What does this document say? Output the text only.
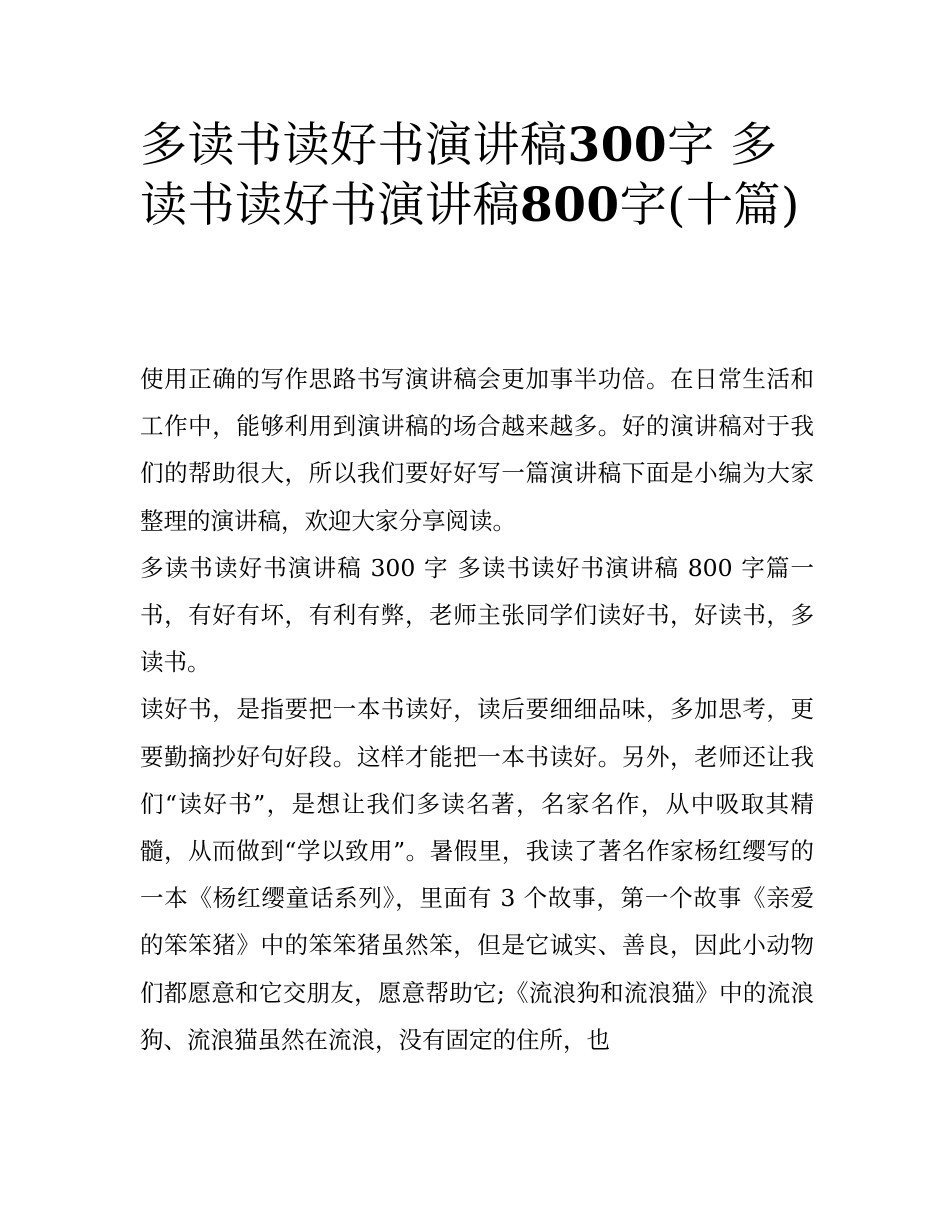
多读书读好书演讲稿300字 多读书读好书演讲稿800字(十篇)

使用正确的写作思路书写演讲稿会更加事半功倍。在日常生活和工作中，能够利用到演讲稿的场合越来越多。好的演讲稿对于我们的帮助很大，所以我们要好好写一篇演讲稿下面是小编为大家整理的演讲稿，欢迎大家分享阅读。

多读书读好书演讲稿 300 字 多读书读好书演讲稿 800 字篇一书，有好有坏，有利有弊，老师主张同学们读好书，好读书，多读书。

读好书，是指要把一本书读好，读后要细细品味，多加思考，更要勤摘抄好句好段。这样才能把一本书读好。另外，老师还让我们“读好书”，是想让我们多读名著，名家名作，从中吸取其精髓，从而做到“学以致用”。暑假里，我读了著名作家杨红缨写的一本《杨红缨童话系列》，里面有 3 个故事，第一个故事《亲爱的笨笨猪》中的笨笨猪虽然笨，但是它诚实、善良，因此小动物们都愿意和它交朋友，愿意帮助它;《流浪狗和流浪猫》中的流浪狗、流浪猫虽然在流浪，没有固定的住所，也
